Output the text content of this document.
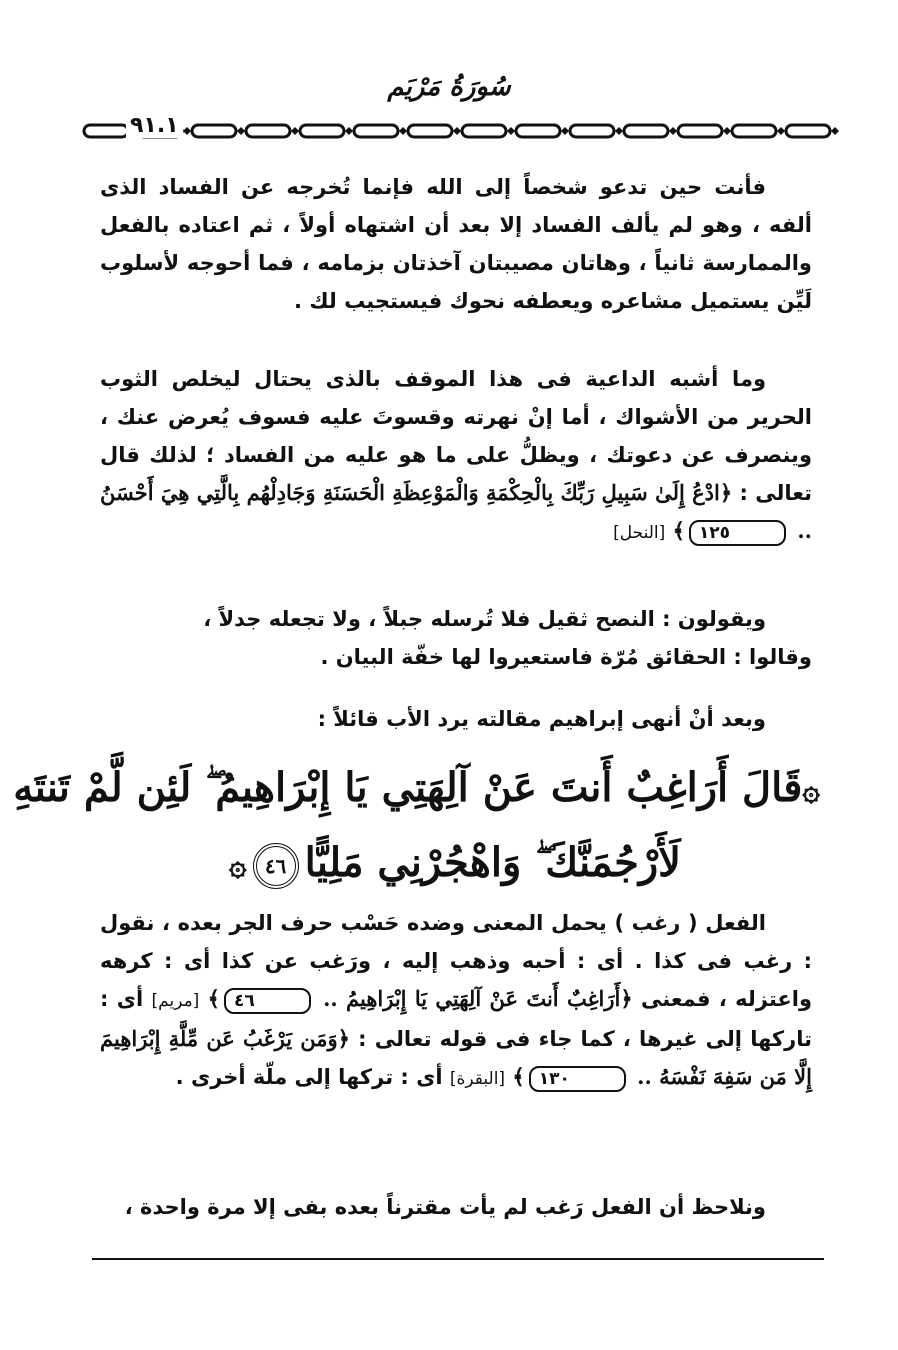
سُورَةُ مَرْيَم
٩١.١

فأنت حين تدعو شخصاً إلى الله فإنما تُخرجه عن الفساد الذى ألفه ، وهو لم يألف الفساد إلا بعد أن اشتهاه أولاً ، ثم اعتاده بالفعل والممارسة ثانياً ، وهاتان مصيبتان آخذتان بزمامه ، فما أحوجه لأسلوب لَيِّن يستميل مشاعره ويعطفه نحوك فيستجيب لك .

وما أشبه الداعية فى هذا الموقف بالذى يحتال ليخلص الثوب الحرير من الأشواك ، أما إنْ نهرته وقسوتَ عليه فسوف يُعرض عنك ، وينصرف عن دعوتك ، ويظلُّ على ما هو عليه من الفساد ؛ لذلك قال تعالى : ﴿ادْعُ إِلَىٰ سَبِيلِ رَبِّكَ بِالْحِكْمَةِ وَالْمَوْعِظَةِ الْحَسَنَةِ وَجَادِلْهُم بِالَّتِي هِيَ أَحْسَنُ .. ١٢٥﴾ [النحل]

ويقولون : النصح ثقيل فلا تُرسله جبلاً ، ولا تجعله جدلاً ،

وقالوا : الحقائق مُرّة فاستعيروا لها خفّة البيان .

وبعد أنْ أنهى إبراهيم مقالته يرد الأب قائلاً :

۞قَالَ أَرَاغِبٌ أَنتَ عَنْ آلِهَتِي يَا إِبْرَاهِيمُ ۖ لَئِن لَّمْ تَنتَهِ
لَأَرْجُمَنَّكَ ۖ وَاهْجُرْنِي مَلِيًّا٤٦۞

الفعل ( رغب ) يحمل المعنى وضده حَسْب حرف الجر بعده ، نقول : رغب فى كذا . أى : أحبه وذهب إليه ، ورَغب عن كذا أى : كرهه واعتزله ، فمعنى ﴿أَرَاغِبٌ أَنتَ عَنْ آلِهَتِي يَا إِبْرَاهِيمُ .. ٤٦﴾ [مريم] أى : تاركها إلى غيرها ، كما جاء فى قوله تعالى : ﴿وَمَن يَرْغَبُ عَن مِّلَّةِ إِبْرَاهِيمَ إِلَّا مَن سَفِهَ نَفْسَهُ .. ١٣٠﴾ [البقرة] أى : تركها إلى ملّة أخرى .

ونلاحظ أن الفعل رَغب لم يأت مقترناً بعده بفى إلا مرة واحدة ،
